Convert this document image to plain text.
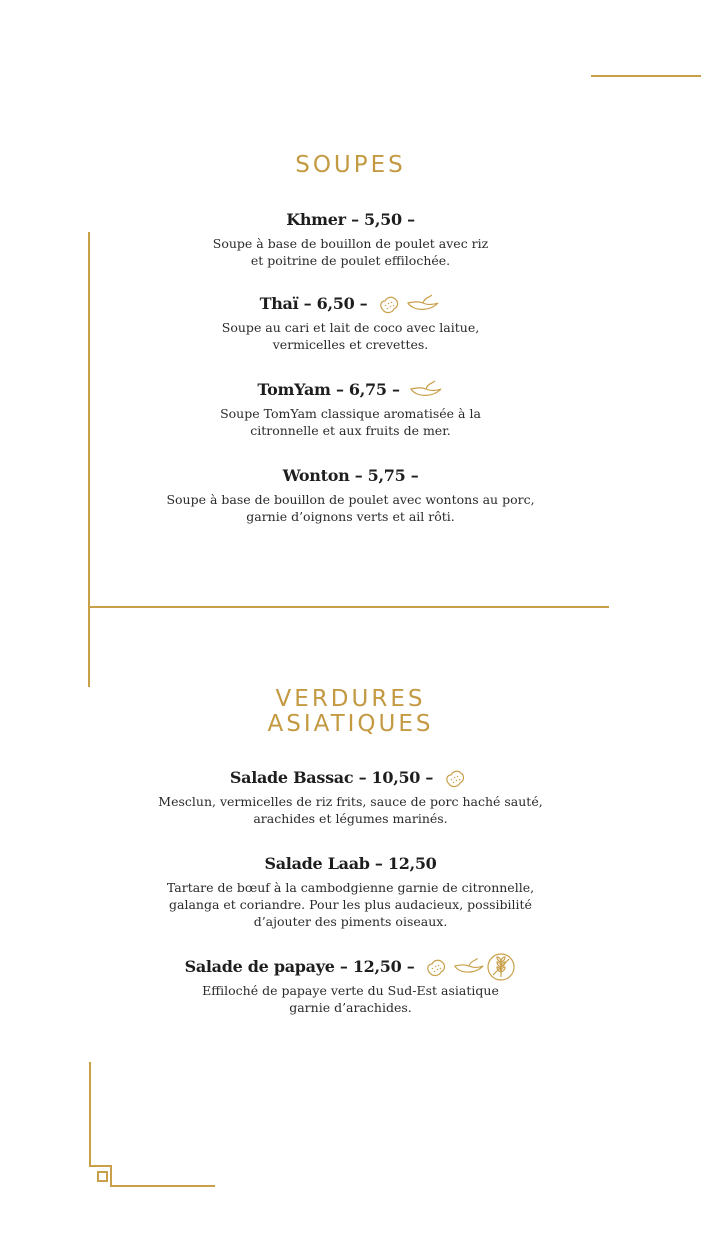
SOUPES
Khmer – 5,50 –
Soupe à base de bouillon de poulet avec riz
et poitrine de poulet effilochée.
Thaï – 6,50 –
Soupe au cari et lait de coco avec laitue,
vermicelles et crevettes.
TomYam – 6,75 –
Soupe TomYam classique aromatisée à la
citronnelle et aux fruits de mer.
Wonton – 5,75 –
Soupe à base de bouillon de poulet avec wontons au porc,
garnie d’oignons verts et ail rôti.
VERDURES
ASIATIQUES
Salade Bassac – 10,50 –
Mesclun, vermicelles de riz frits, sauce de porc haché sauté,
arachides et légumes marinés.
Salade Laab – 12,50
Tartare de bœuf à la cambodgienne garnie de citronnelle,
galanga et coriandre. Pour les plus audacieux, possibilité
d’ajouter des piments oiseaux.
Salade de papaye – 12,50 –
Effiloché de papaye verte du Sud-Est asiatique
garnie d’arachides.
